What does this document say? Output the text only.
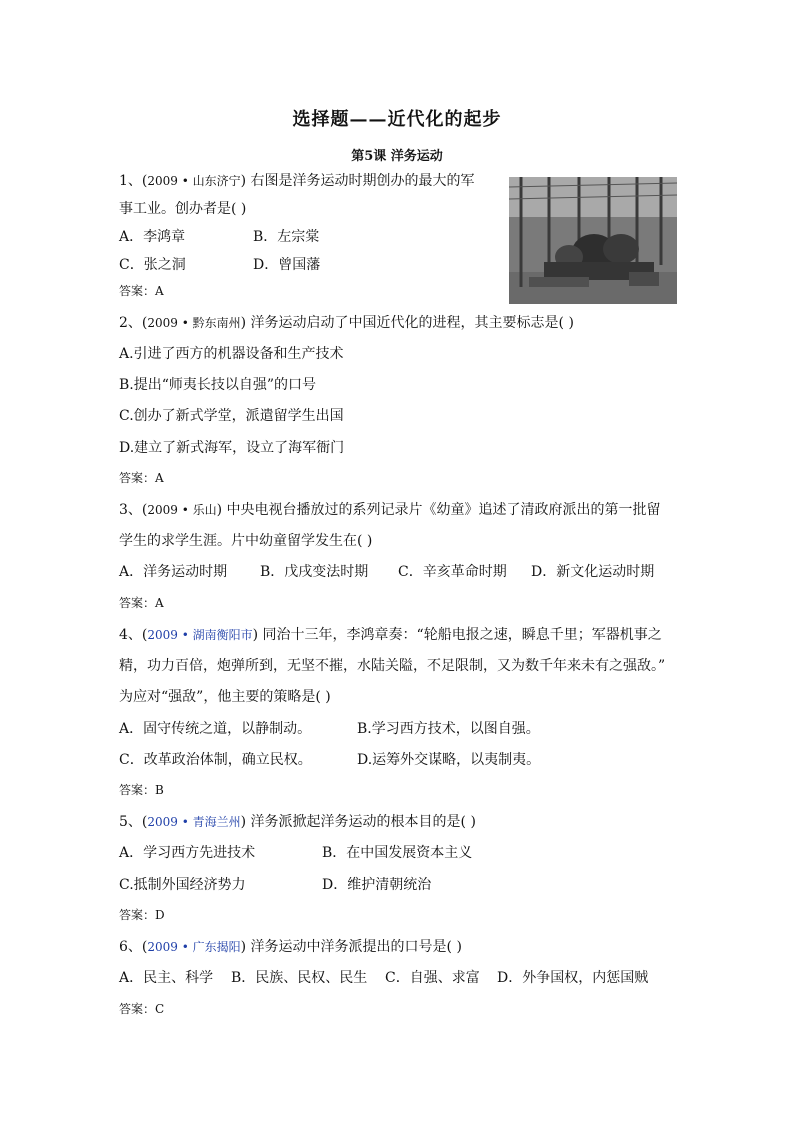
选择题——近代化的起步
第5课 洋务运动
1、(2009 • 山东济宁) 右图是洋务运动时期创办的最大的军
事工业。创办者是( )
A．李鸿章	B．左宗棠
C．张之洞	D．曾国藩
答案：A
2、(2009 • 黔东南州) 洋务运动启动了中国近代化的进程，其主要标志是( )
A.引进了西方的机器设备和生产技术
B.提出“师夷长技以自强”的口号
C.创办了新式学堂，派遣留学生出国
D.建立了新式海军，设立了海军衙门
答案：A
3、(2009 • 乐山) 中央电视台播放过的系列记录片《幼童》追述了清政府派出的第一批留
学生的求学生涯。片中幼童留学发生在( )
A．洋务运动时期 B．戊戌变法时期 C．辛亥革命时期 D．新文化运动时期
答案：A
4、(2009 • 湖南衡阳市) 同治十三年，李鸿章奏：“轮船电报之速，瞬息千里；军器机事之
精，功力百倍，炮弹所到，无坚不摧，水陆关隘，不足限制，又为数千年来未有之强敌。”
为应对“强敌”，他主要的策略是( )
A．固守传统之道，以静制动。	B.学习西方技术，以图自强。
C．改革政治体制，确立民权。	D.运筹外交谋略，以夷制夷。
答案：B
5、(2009 • 青海兰州) 洋务派掀起洋务运动的根本目的是( )
A．学习西方先进技术	B．在中国发展资本主义
C.抵制外国经济势力	D．维护清朝统治
答案：D
6、(2009 • 广东揭阳) 洋务运动中洋务派提出的口号是( )
A．民主、科学 B．民族、民权、民生 C．自强、求富 D．外争国权，内惩国贼
答案：C
